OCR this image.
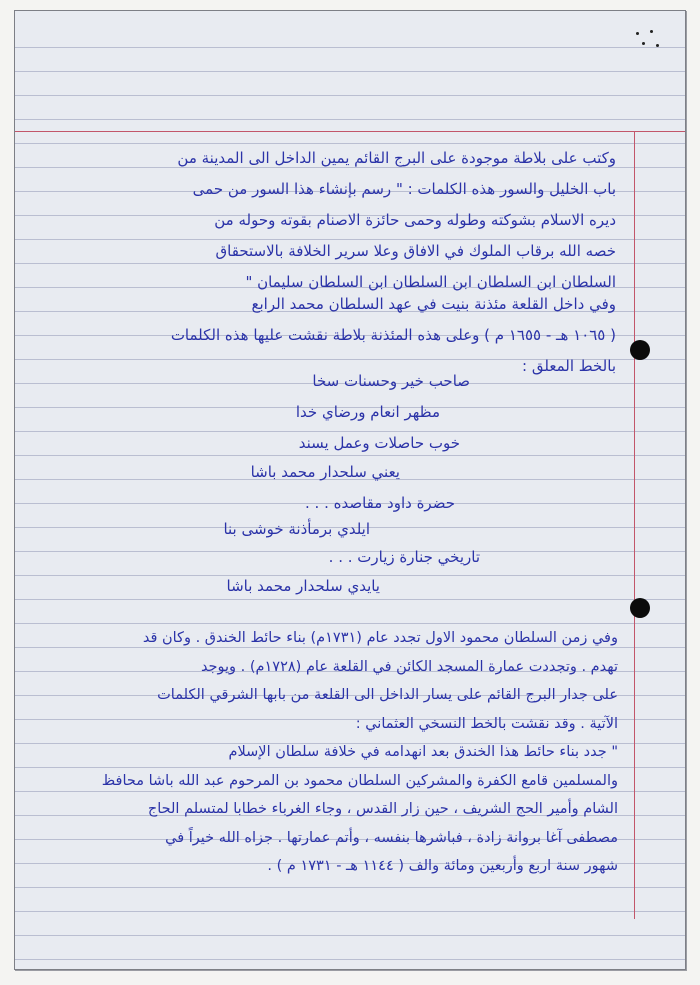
وكتب على بلاطة موجودة على البرج القائم يمين الداخل الى المدينة من
باب الخليل والسور هذه الكلمات : " رسم بإنشاء هذا السور من حمى
ديره الاسلام بشوكته وطوله وحمى حائزة الاصنام بقوته وحوله من
خصه الله برقاب الملوك في الافاق وعلا سرير الخلافة بالاستحقاق
السلطان ابن السلطان ابن السلطان ابن السلطان سليمان "
وفي داخل القلعة مئذنة بنيت في عهد السلطان محمد الرابع
( ١٠٦٥ هـ - ١٦٥٥ م ) وعلى هذه المئذنة بلاطة نقشت عليها هذه الكلمات
بالخط المعلق :
صاحب خير وحسنات سخا
مظهر انعام ورضاي خدا
خوب حاصلات وعمل يسند
يعني سلحدار محمد باشا
حضرة داود مقاصده . . .
ايلدي برمأذنة خوشى بنا
تاريخي جنارة زيارت . . .
يايدي سلحدار محمد باشا
وفي زمن السلطان محمود الاول تجدد عام (١٧٣١م) بناء حائط الخندق . وكان قد
تهدم . وتجددت عمارة المسجد الكائن في القلعة عام (١٧٢٨م) . ويوجد
على جدار البرج القائم على يسار الداخل الى القلعة من بابها الشرقي الكلمات
الآتية . وقد نقشت بالخط النسخي العثماني :
" جدد بناء حائط هذا الخندق بعد انهدامه في خلافة سلطان الإسلام
والمسلمين قامع الكفرة والمشركين السلطان محمود بن المرحوم عبد الله باشا محافظ
الشام وأمير الحج الشريف ، حين زار القدس ، وجاء الغرباء خطابا لمتسلم الحاج
مصطفى آغا بروانة زادة ، فباشرها بنفسه ، وأتم عمارتها . جزاه الله خيراً في
شهور سنة اربع وأربعين ومائة والف ( ١١٤٤ هـ - ١٧٣١ م ) .
